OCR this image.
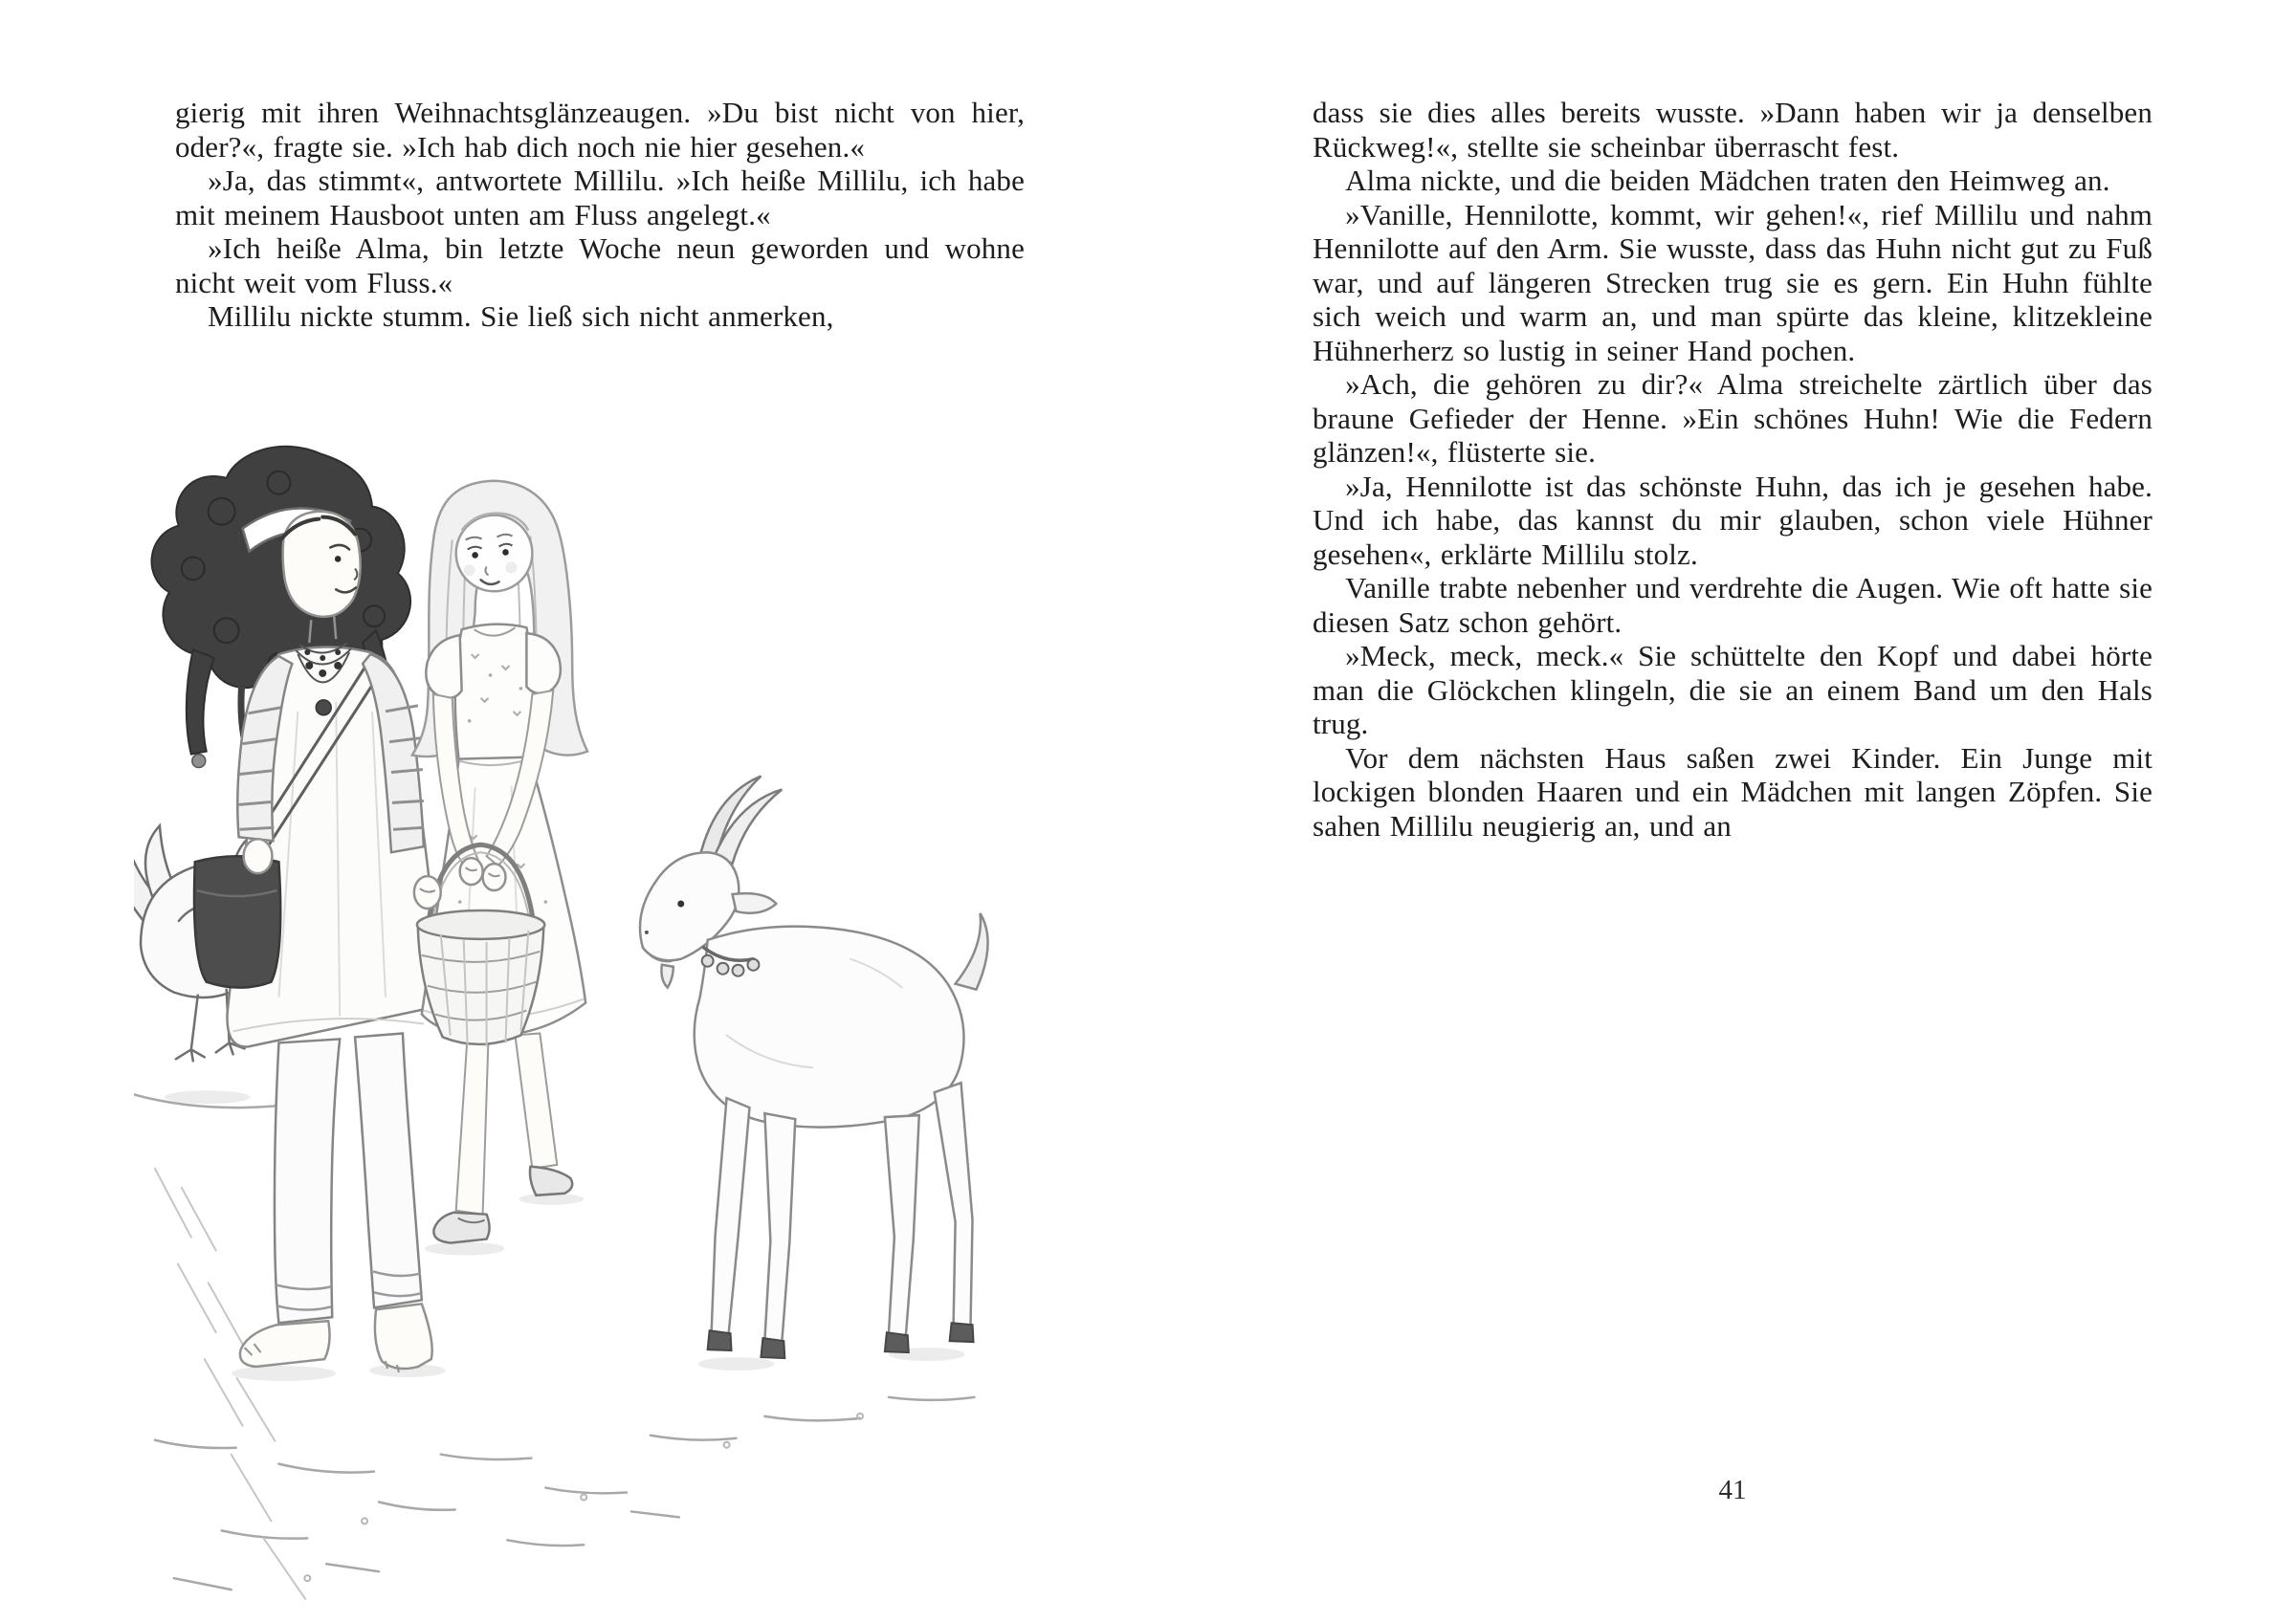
gierig mit ihren Weihnachtsglänzeaugen. »Du bist nicht von hier, oder?«, fragte sie. »Ich hab dich noch nie hier gesehen.«

»Ja, das stimmt«, antwortete Millilu. »Ich heiße Millilu, ich habe mit meinem Hausboot unten am Fluss angelegt.«

»Ich heiße Alma, bin letzte Woche neun geworden und wohne nicht weit vom Fluss.«

Millilu nickte stumm. Sie ließ sich nicht anmerken,

dass sie dies alles bereits wusste. »Dann haben wir ja denselben Rückweg!«, stellte sie scheinbar überrascht fest.

Alma nickte, und die beiden Mädchen traten den Heimweg an.

»Vanille, Hennilotte, kommt, wir gehen!«, rief Millilu und nahm Hennilotte auf den Arm. Sie wusste, dass das Huhn nicht gut zu Fuß war, und auf längeren Strecken trug sie es gern. Ein Huhn fühlte sich weich und warm an, und man spürte das kleine, klitzekleine Hühnerherz so lustig in seiner Hand pochen.

»Ach, die gehören zu dir?« Alma streichelte zärtlich über das braune Gefieder der Henne. »Ein schönes Huhn! Wie die Federn glänzen!«, flüsterte sie.

»Ja, Hennilotte ist das schönste Huhn, das ich je gesehen habe. Und ich habe, das kannst du mir glauben, schon viele Hühner gesehen«, erklärte Millilu stolz.

Vanille trabte nebenher und verdrehte die Augen. Wie oft hatte sie diesen Satz schon gehört.

»Meck, meck, meck.« Sie schüttelte den Kopf und dabei hörte man die Glöckchen klingeln, die sie an einem Band um den Hals trug.

Vor dem nächsten Haus saßen zwei Kinder. Ein Junge mit lockigen blonden Haaren und ein Mädchen mit langen Zöpfen. Sie sahen Millilu neugierig an, und an

41
